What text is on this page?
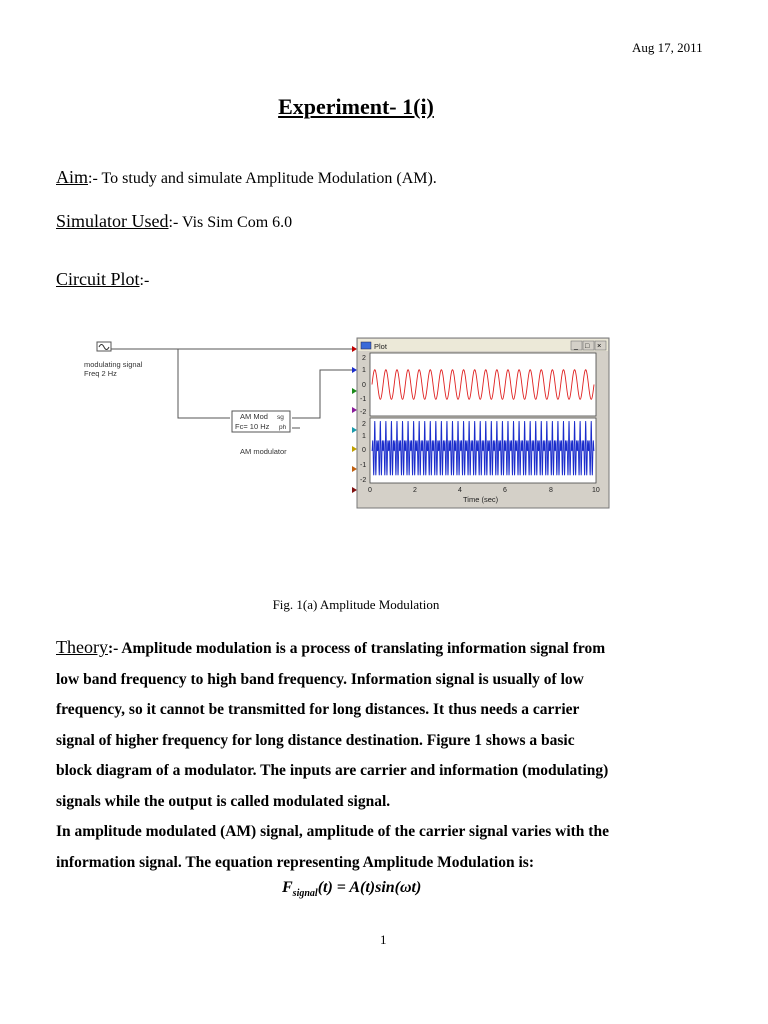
Aug 17, 2011
Experiment- 1(i)
Aim:- To study and simulate Amplitude Modulation (AM).
Simulator Used:- Vis Sim Com 6.0
Circuit Plot:-
modulating signal
Freq 2 Hz
AM Mod sg
Fc= 10 Hz ph
AM modulator
Plot	_ □ ×
2
1
0
-1
-2
2
1
0
-1
-2
0	2	4	6	8	10
Time (sec)
Fig. 1(a) Amplitude Modulation
Theory:- Amplitude modulation is a process of translating information signal from
low band frequency to high band frequency. Information signal is usually of low
frequency, so it cannot be transmitted for long distances. It thus needs a carrier
signal of higher frequency for long distance destination. Figure 1 shows a basic
block diagram of a modulator. The inputs are carrier and information (modulating)
signals while the output is called modulated signal.
In amplitude modulated (AM) signal, amplitude of the carrier signal varies with the
information signal. The equation representing Amplitude Modulation is:
$F_{signal}(t) = A(t)\sin(\omega t)$
1
